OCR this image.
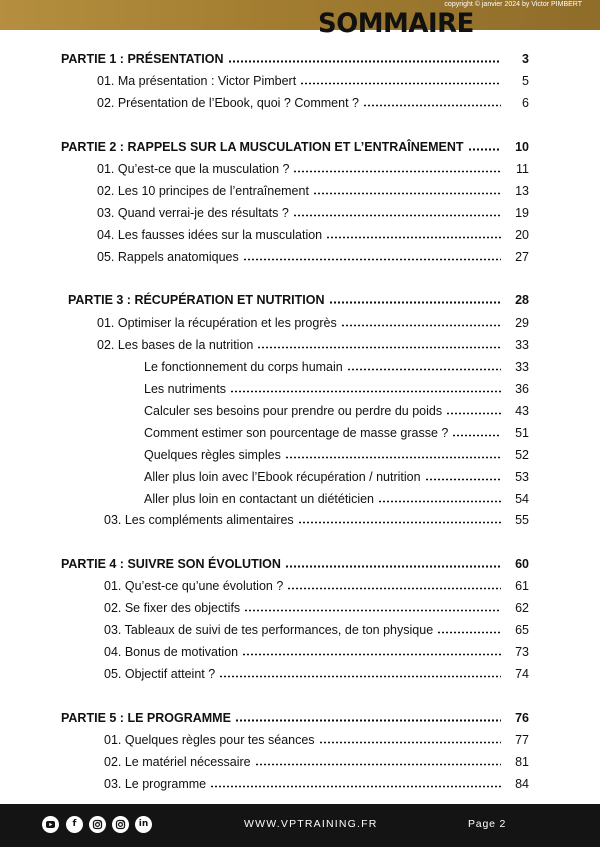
copyright © janvier 2024 by Victor PIMBERT
SOMMAIRE
PARTIE 1 : PRÉSENTATION	3
01. Ma présentation : Victor Pimbert	5
02. Présentation de l’Ebook, quoi ? Comment ?	6
PARTIE 2 : RAPPELS SUR LA MUSCULATION ET L’ENTRAÎNEMENT	10
01. Qu’est-ce que la musculation ?	11
02. Les 10 principes de l’entraînement	13
03. Quand verrai-je des résultats ?	19
04. Les fausses idées sur la musculation	20
05. Rappels anatomiques	27
PARTIE 3 : RÉCUPÉRATION ET NUTRITION	28
01. Optimiser la récupération et les progrès	29
02. Les bases de la nutrition	33
Le fonctionnement du corps humain	33
Les nutriments	36
Calculer ses besoins pour prendre ou perdre du poids	43
Comment estimer son pourcentage de masse grasse ?	51
Quelques règles simples	52
Aller plus loin avec l’Ebook récupération / nutrition	53
Aller plus loin en contactant un diététicien	54
03. Les compléments alimentaires	55
PARTIE 4 : SUIVRE SON ÉVOLUTION	60
01. Qu’est-ce qu’une évolution ?	61
02. Se fixer des objectifs	62
03. Tableaux de suivi de tes performances, de ton physique	65
04. Bonus de motivation	73
05. Objectif atteint ?	74
PARTIE 5 : LE PROGRAMME	76
01. Quelques règles pour tes séances	77
02. Le matériel nécessaire	81
03. Le programme	84
f	in	WWW.VPTRAINING.FR	Page 2
